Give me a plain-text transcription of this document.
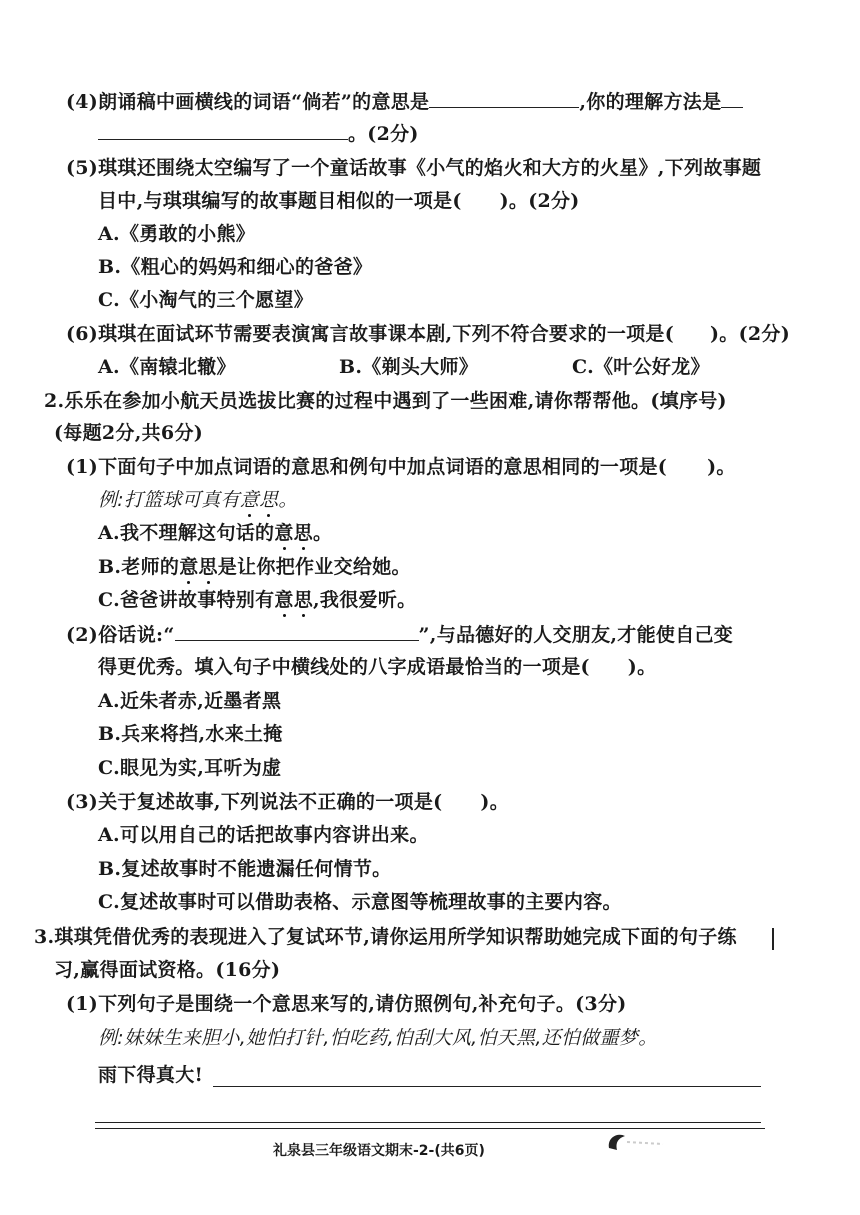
(4)朗诵稿中画横线的词语“倘若”的意思是	,你的理解方法是
。(2分)
(5)琪琪还围绕太空编写了一个童话故事《小气的焰火和大方的火星》,下列故事题
目中,与琪琪编写的故事题目相似的一项是( )。(2分)
A.《勇敢的小熊》
B.《粗心的妈妈和细心的爸爸》
C.《小淘气的三个愿望》
(6)琪琪在面试环节需要表演寓言故事课本剧,下列不符合要求的一项是( )。(2分)
A.《南辕北辙》	B.《剃头大师》	C.《叶公好龙》
2.乐乐在参加小航天员选拔比赛的过程中遇到了一些困难,请你帮帮他。(填序号)
(每题2分,共6分)
(1)下面句子中加点词语的意思和例句中加点词语的意思相同的一项是( )。
例:打篮球可真有意思
。
A.我不理解这句话的意思
。
B.老师的意思
是让你把作业交给她。
C.爸爸讲故事特别有意思
,我很爱听。
(2)俗话说:“	”,与品德好的人交朋友,才能使自己变
得更优秀。填入句子中横线处的八字成语最恰当的一项是( )。
A.近朱者赤,近墨者黑
B.兵来将挡,水来土掩
C.眼见为实,耳听为虚
(3)关于复述故事,下列说法不正确的一项是( )。
A.可以用自己的话把故事内容讲出来。
B.复述故事时不能遗漏任何情节。
C.复述故事时可以借助表格、示意图等梳理故事的主要内容。
3.琪琪凭借优秀的表现进入了复试环节,请你运用所学知识帮助她完成下面的句子练
习,赢得面试资格。(16分)
(1)下列句子是围绕一个意思来写的,请仿照例句,补充句子。(3分)
例:妹妹生来胆小,她怕打针,怕吃药,怕刮大风,怕天黑,还怕做噩梦。
雨下得真大!
礼泉县三年级语文期末-2-(共6页)
